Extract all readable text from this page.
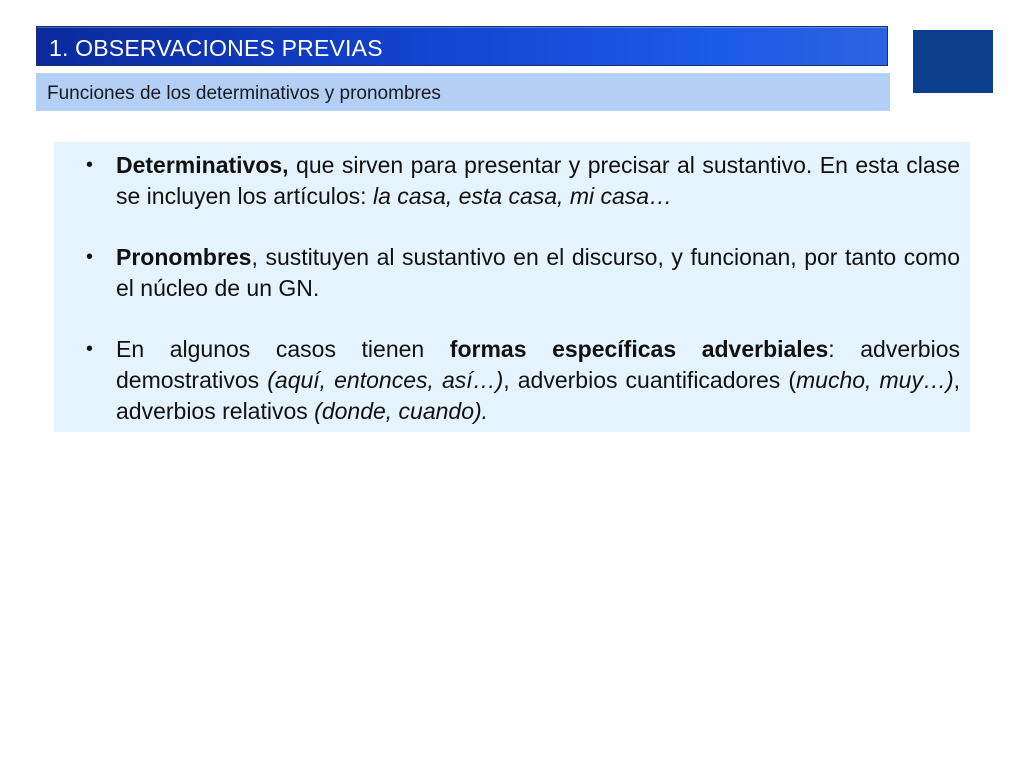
1. OBSERVACIONES PREVIAS
Funciones de los determinativos y pronombres
• Determinativos, que sirven para presentar y precisar al sustantivo. En esta clase se incluyen los artículos: la casa, esta casa, mi casa…
• Pronombres, sustituyen al sustantivo en el discurso, y funcionan, por tanto como el núcleo de un GN.
• En algunos casos tienen formas específicas adverbiales: adverbios demostrativos (aquí, entonces, así…), adverbios cuantificadores (mucho, muy…), adverbios relativos (donde, cuando).
